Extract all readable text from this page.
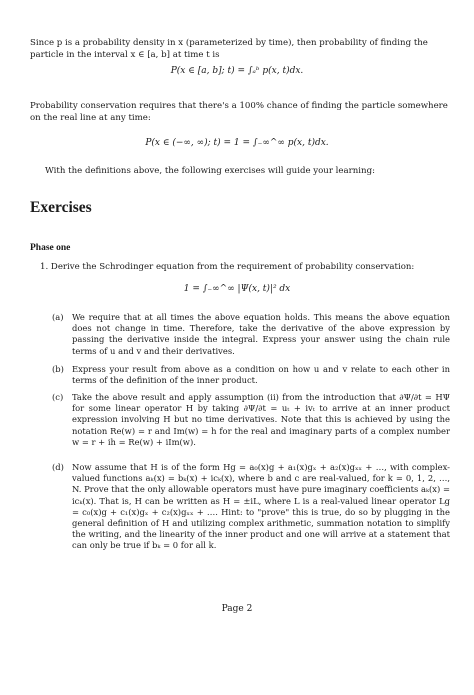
Since p is a probability density in x (parameterized by time), then probability of finding the particle in the interval x ∈ [a, b] at time t is
P(x ∈ [a, b]; t) = ∫ₐᵇ p(x, t)dx.
Probability conservation requires that there's a 100% chance of finding the particle somewhere on the real line at any time:
P(x ∈ (−∞, ∞); t) = 1 = ∫₋∞^∞ p(x, t)dx.
With the definitions above, the following exercises will guide your learning:
Exercises
Phase one
1. Derive the Schrodinger equation from the requirement of probability conservation:
1 = ∫₋∞^∞ |Ψ(x, t)|² dx
(a) We require that at all times the above equation holds. This means the above equation does not change in time. Therefore, take the derivative of the above expression by passing the derivative inside the integral. Express your answer using the chain rule terms of u and v and their derivatives.
(b) Express your result from above as a condition on how u and v relate to each other in terms of the definition of the inner product.
(c) Take the above result and apply assumption (ii) from the introduction that ∂Ψ/∂t = HΨ for some linear operator H by taking ∂Ψ/∂t = uₜ + ivₜ to arrive at an inner product expression involving H but no time derivatives. Note that this is achieved by using the notation Re(w) = r and Im(w) = h for the real and imaginary parts of a complex number w = r + ih = Re(w) + iIm(w).
(d) Now assume that H is of the form Hg = a₀(x)g + a₁(x)gₓ + a₂(x)gₓₓ + …, with complex-valued functions aₖ(x) = bₖ(x) + icₖ(x), where b and c are real-valued, for k = 0, 1, 2, …, N. Prove that the only allowable operators must have pure imaginary coefficients aₖ(x) = icₖ(x). That is, H can be written as H = ±iL, where L is a real-valued linear operator Lg = c₀(x)g + c₁(x)gₓ + c₂(x)gₓₓ + …. Hint: to "prove" this is true, do so by plugging in the general definition of H and utilizing complex arithmetic, summation notation to simplify the writing, and the linearity of the inner product and one will arrive at a statement that can only be true if bₖ = 0 for all k.
Page 2
